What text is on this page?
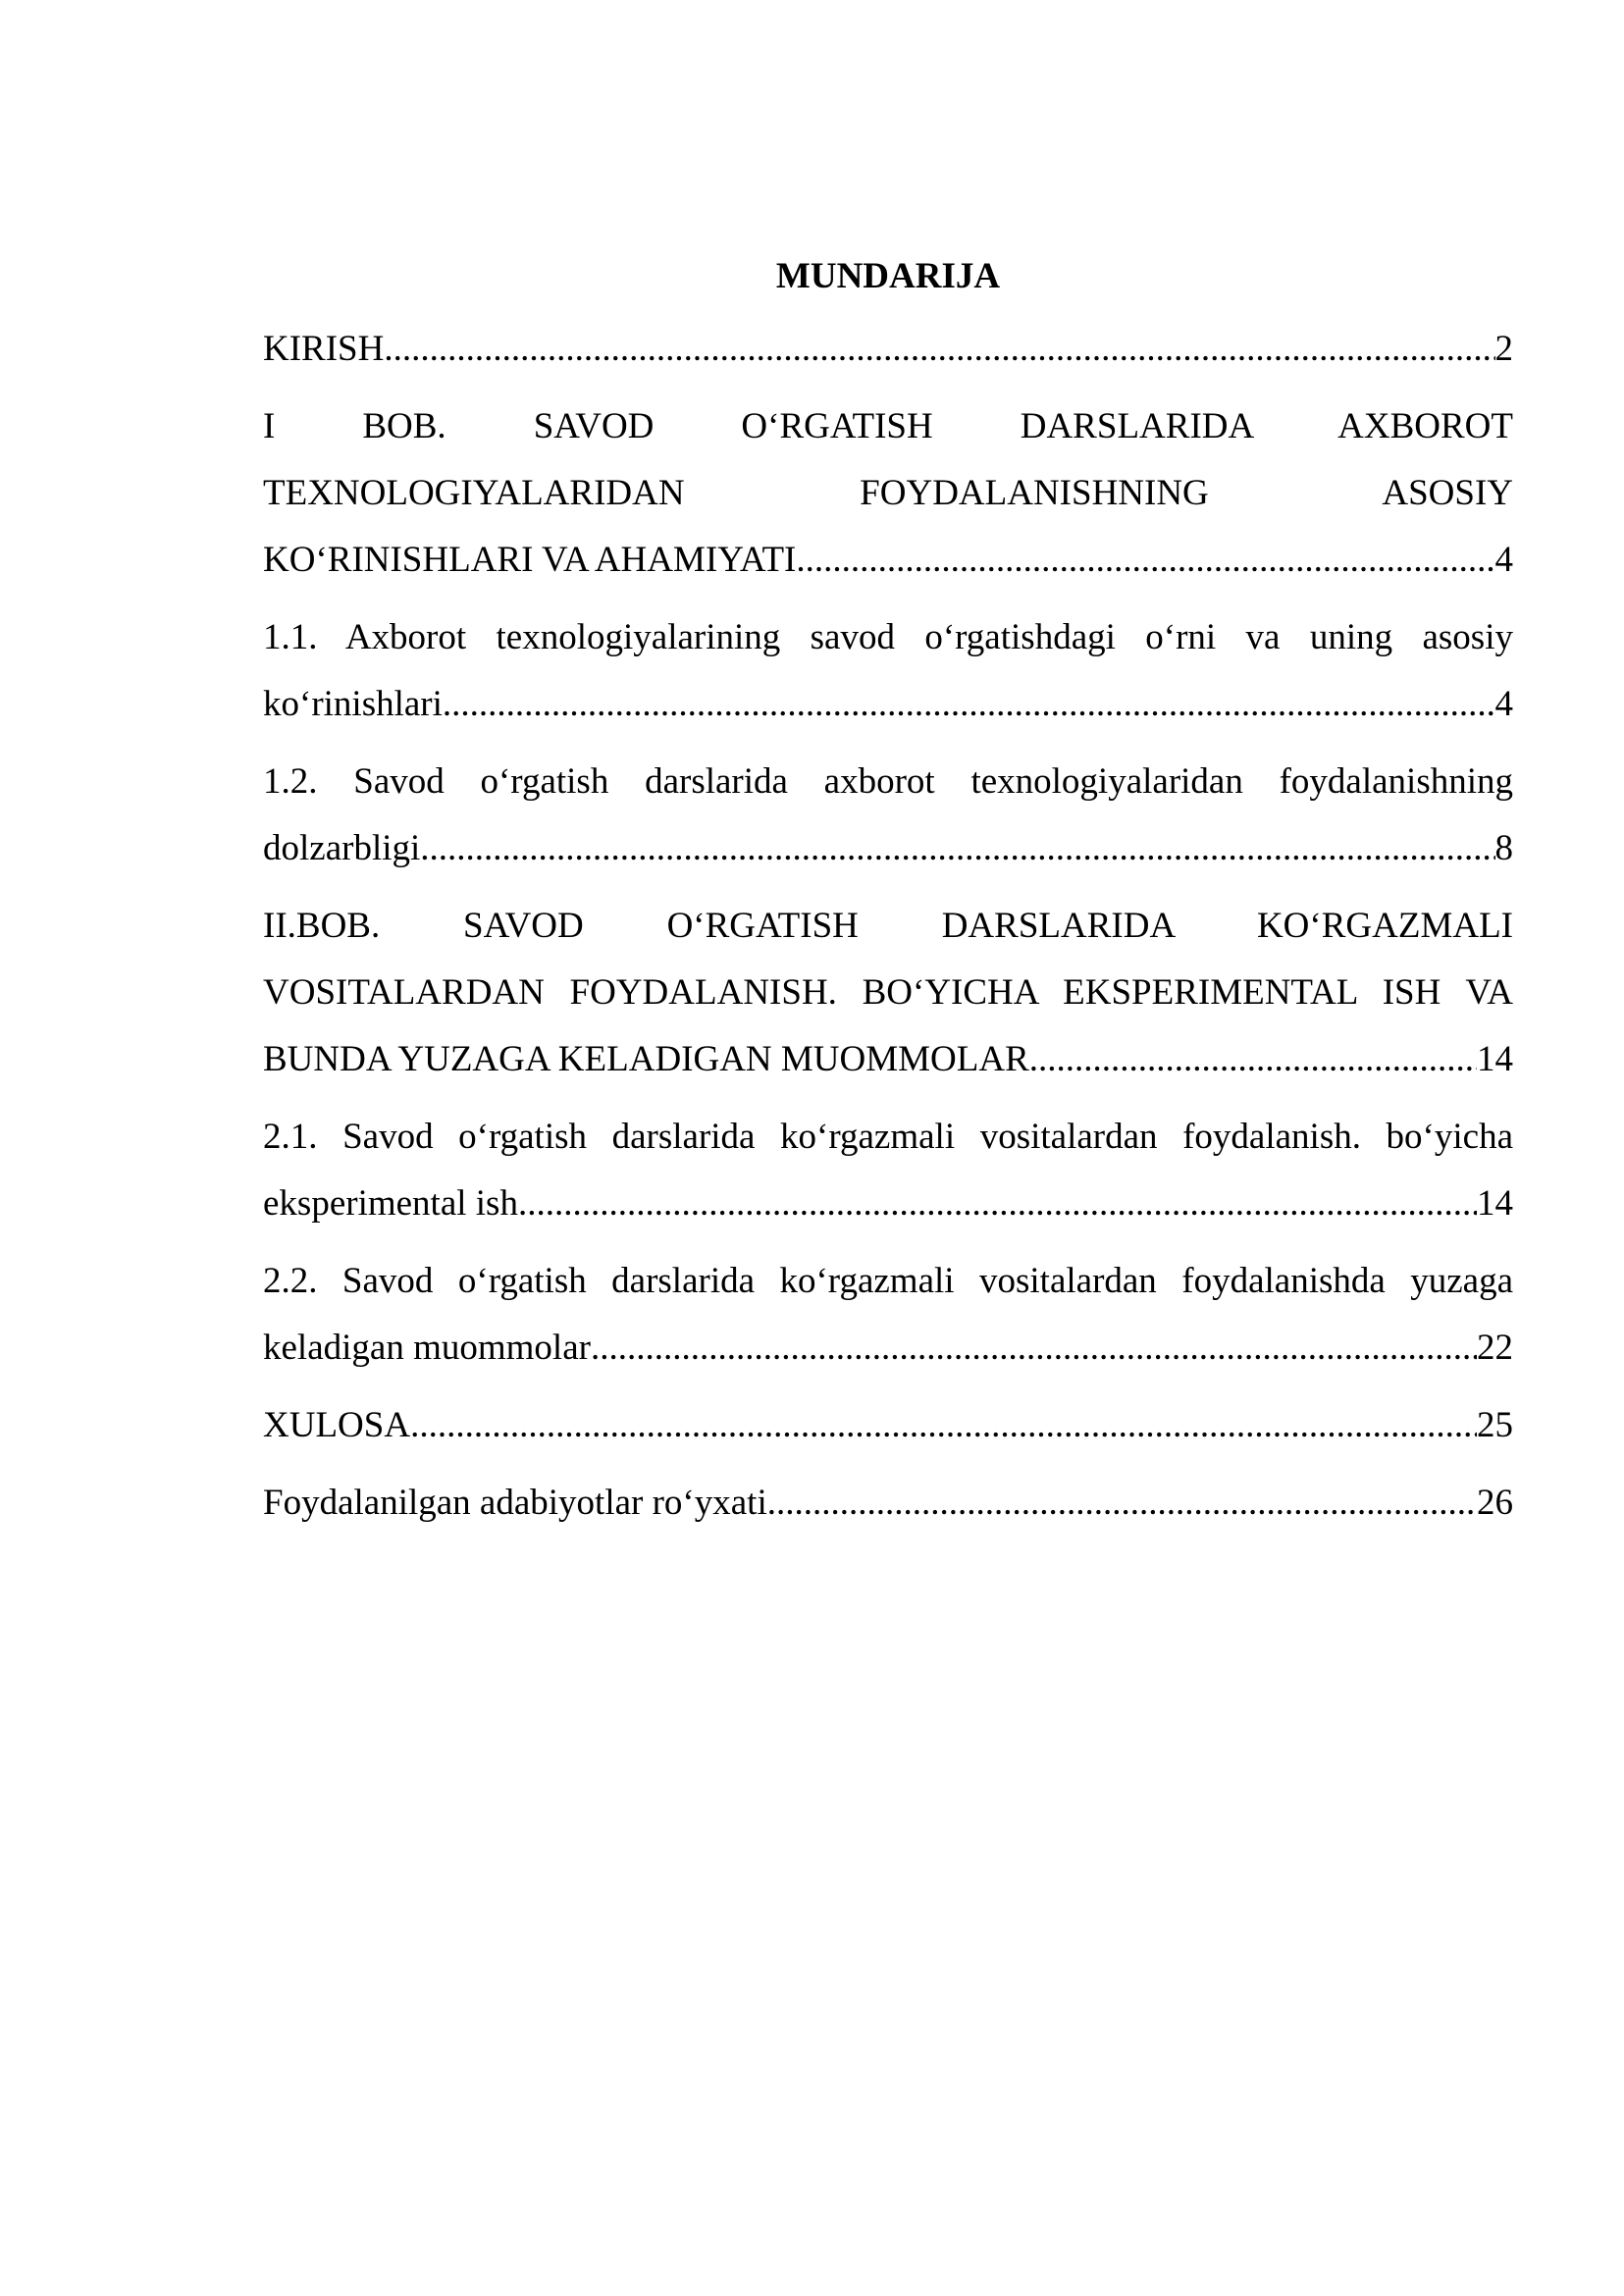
MUNDARIJA
KIRISH .....	2
I BOB. SAVOD O‘RGATISH DARSLARIDA AXBOROT
TEXNOLOGIYALARIDAN FOYDALANISHNING ASOSIY
KO‘RINISHLARI VA AHAMIYATI .....	4
1.1. Axborot texnologiyalarining savod o‘rgatishdagi o‘rni va uning asosiy
ko‘rinishlari .....	4
1.2. Savod o‘rgatish darslarida axborot texnologiyalaridan foydalanishning
dolzarbligi .....	8
II.BOB. SAVOD O‘RGATISH DARSLARIDA KO‘RGAZMALI
VOSITALARDAN FOYDALANISH. BO‘YICHA EKSPERIMENTAL ISH VA
BUNDA YUZAGA KELADIGAN MUOMMOLAR .....	14
2.1. Savod o‘rgatish darslarida ko‘rgazmali vositalardan foydalanish. bo‘yicha
eksperimental ish .....	14
2.2. Savod o‘rgatish darslarida ko‘rgazmali vositalardan foydalanishda yuzaga
keladigan muommolar .....	22
XULOSA .....	25
Foydalanilgan adabiyotlar ro‘yxati .....	26
